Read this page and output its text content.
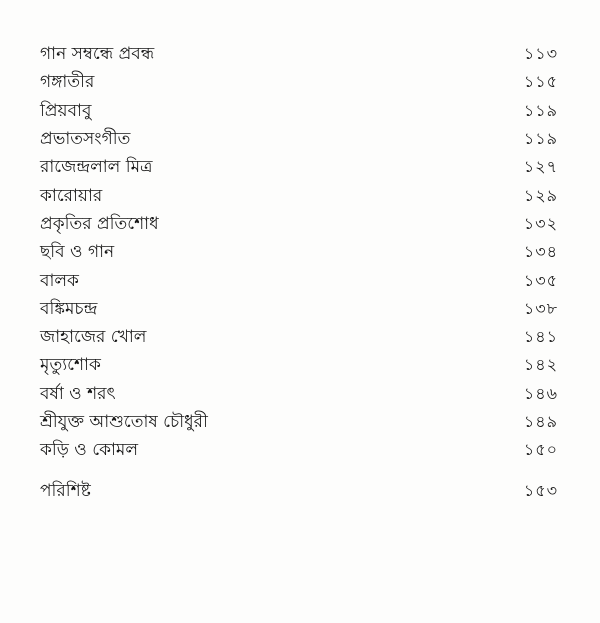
গান সম্বন্ধে প্রবন্ধ	১১৩
গঙ্গাতীর	১১৫
প্রিয়বাবু	১১৯
প্রভাতসংগীত	১১৯
রাজেন্দ্রলাল মিত্র	১২৭
কারোয়ার	১২৯
প্রকৃতির প্রতিশোধ	১৩২
ছবি ও গান	১৩৪
বালক	১৩৫
বঙ্কিমচন্দ্র	১৩৮
জাহাজের খোল	১৪১
মৃত্যুশোক	১৪২
বর্ষা ও শরৎ	১৪৬
শ্রীযুক্ত আশুতোষ চৌধুরী	১৪৯
কড়ি ও কোমল	১৫০
পরিশিষ্ট	১৫৩
